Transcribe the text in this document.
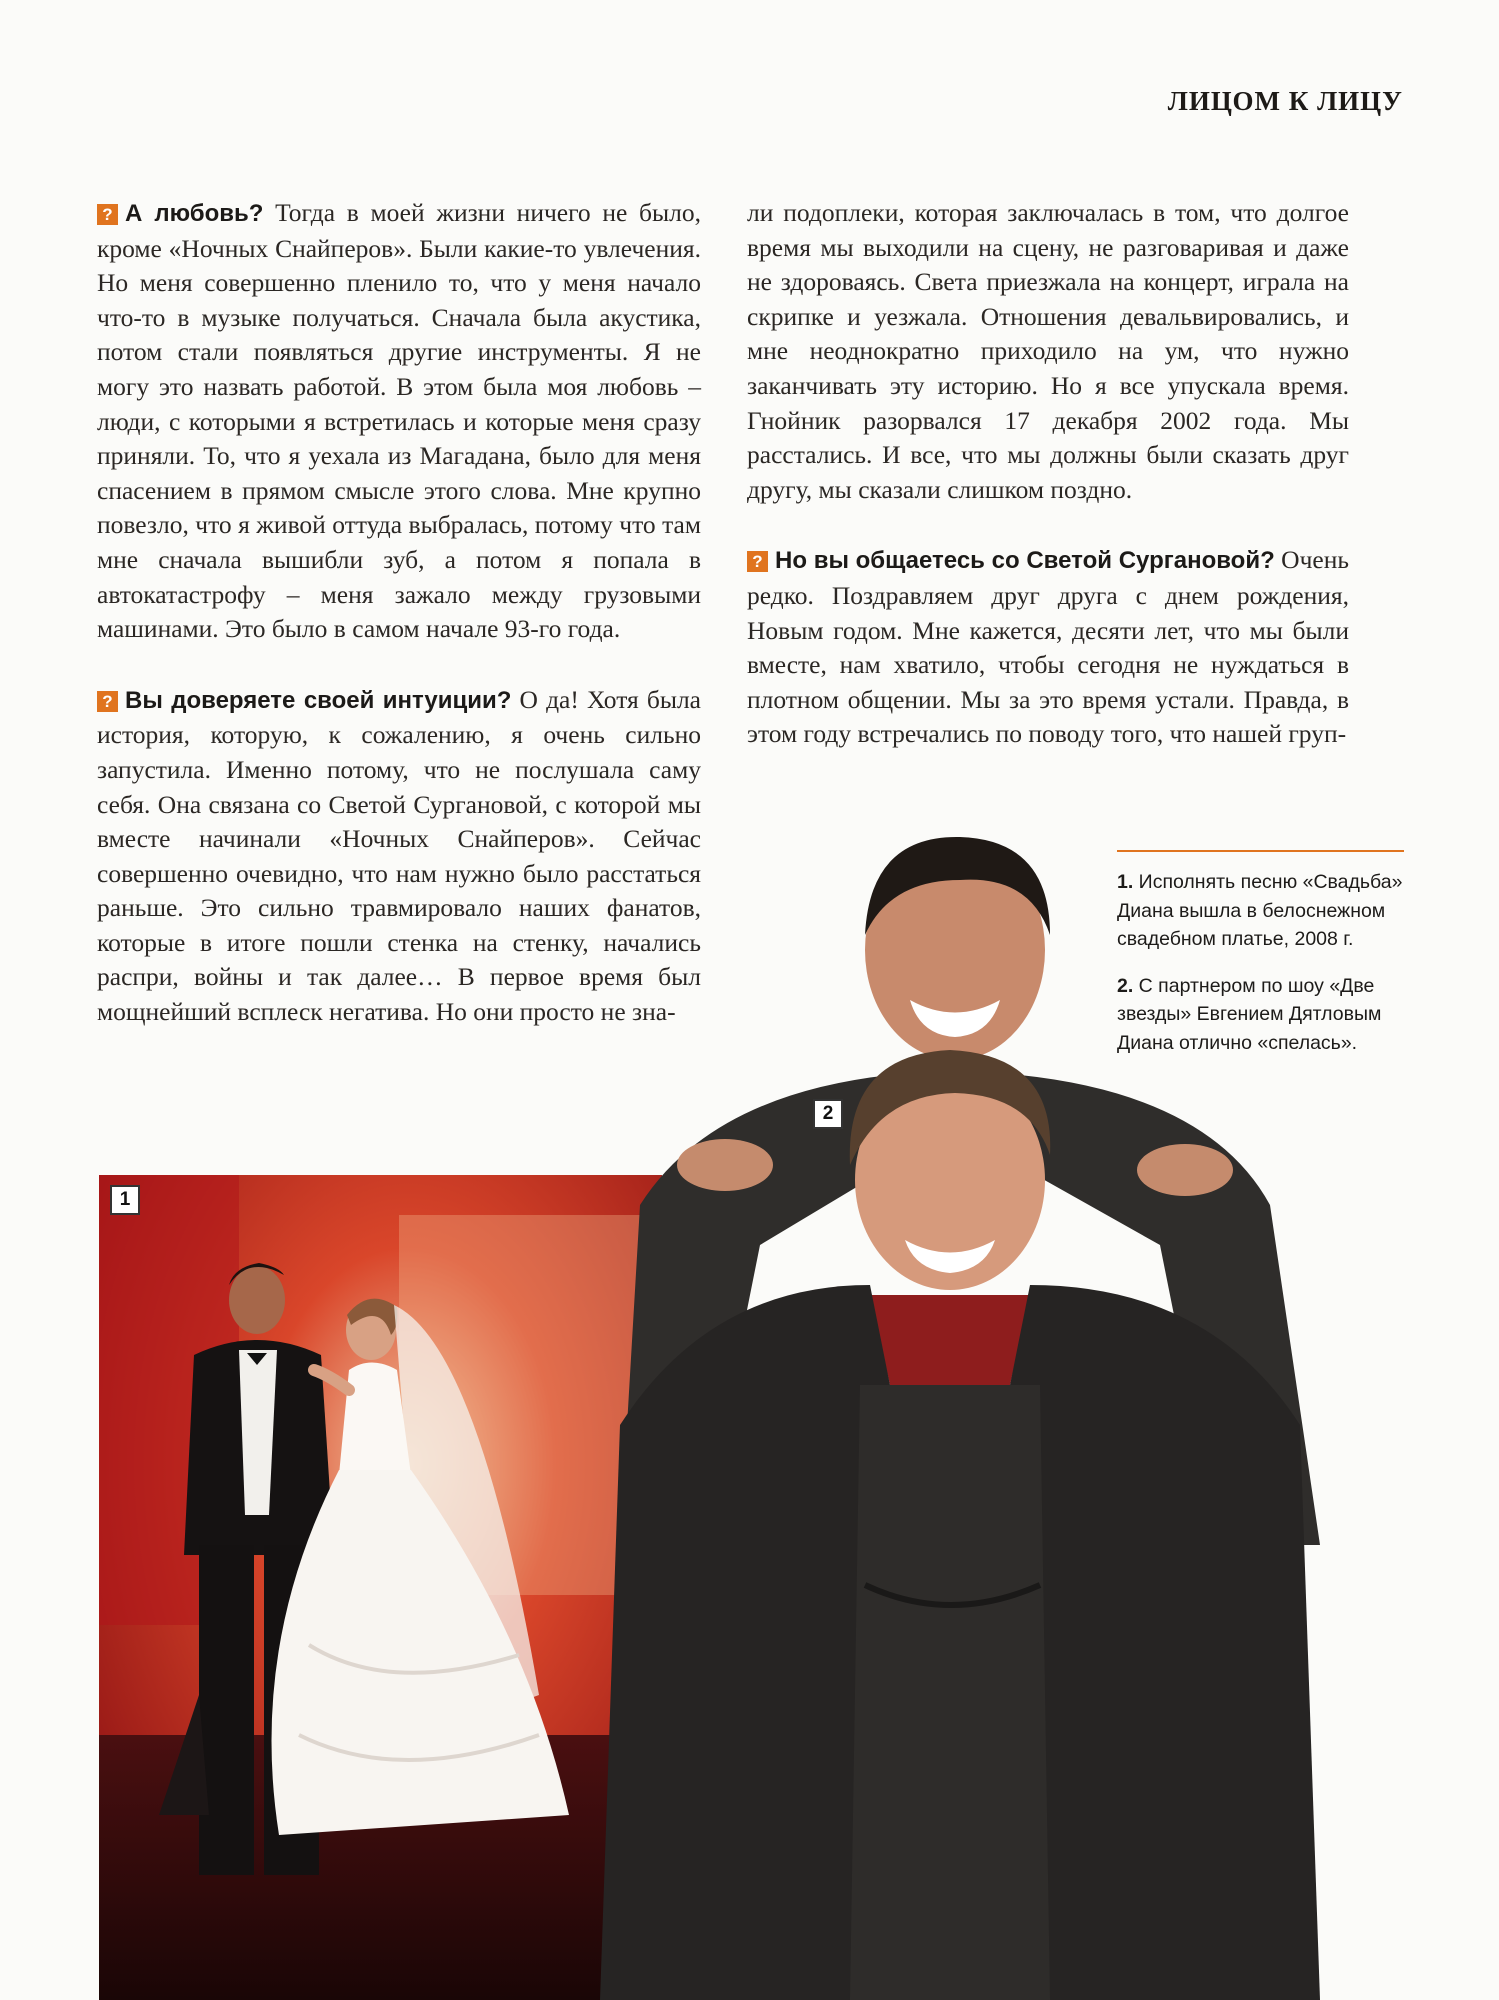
ЛИЦОМ К ЛИЦУ

? А любовь? Тогда в моей жизни ничего не было, кроме «Ночных Снайперов». Были какие-то увлечения. Но меня совершенно пленило то, что у меня начало что-то в музыке получаться. Сначала была акустика, потом стали появляться другие инструменты. Я не могу это назвать работой. В этом была моя любовь – люди, с которыми я встретилась и которые меня сразу приняли. То, что я уехала из Магадана, было для меня спасением в прямом смысле этого слова. Мне крупно повезло, что я живой оттуда выбралась, потому что там мне сначала вышибли зуб, а потом я попала в автокатастрофу – меня зажало между грузовыми машинами. Это было в самом начале 93-го года.

? Вы доверяете своей интуиции? О да! Хотя была история, которую, к сожалению, я очень сильно запустила. Именно потому, что не послушала саму себя. Она связана со Светой Сургановой, с которой мы вместе начинали «Ночных Снайперов». Сейчас совершенно очевидно, что нам нужно было расстаться раньше. Это сильно травмировало наших фанатов, которые в итоге пошли стенка на стенку, начались распри, войны и так далее… В первое время был мощнейший всплеск негатива. Но они просто не зна-

ли подоплеки, которая заключалась в том, что долгое время мы выходили на сцену, не разговаривая и даже не здороваясь. Света приезжала на концерт, играла на скрипке и уезжала. Отношения девальвировались, и мне неоднократно приходило на ум, что нужно заканчивать эту историю. Но я все упускала время. Гнойник разорвался 17 декабря 2002 года. Мы расстались. И все, что мы должны были сказать друг другу, мы сказали слишком поздно.

? Но вы общаетесь со Светой Сургановой? Очень редко. Поздравляем друг друга с днем рождения, Новым годом. Мне кажется, десяти лет, что мы были вместе, нам хватило, чтобы сегодня не нуждаться в плотном общении. Мы за это время устали. Правда, в этом году встречались по поводу того, что нашей груп-

1. Исполнять песню «Свадьба» Диана вышла в белоснежном свадебном платье, 2008 г.

2. С партнером по шоу «Две звезды» Евгением Дятловым Диана отлично «спелась».

1
2
